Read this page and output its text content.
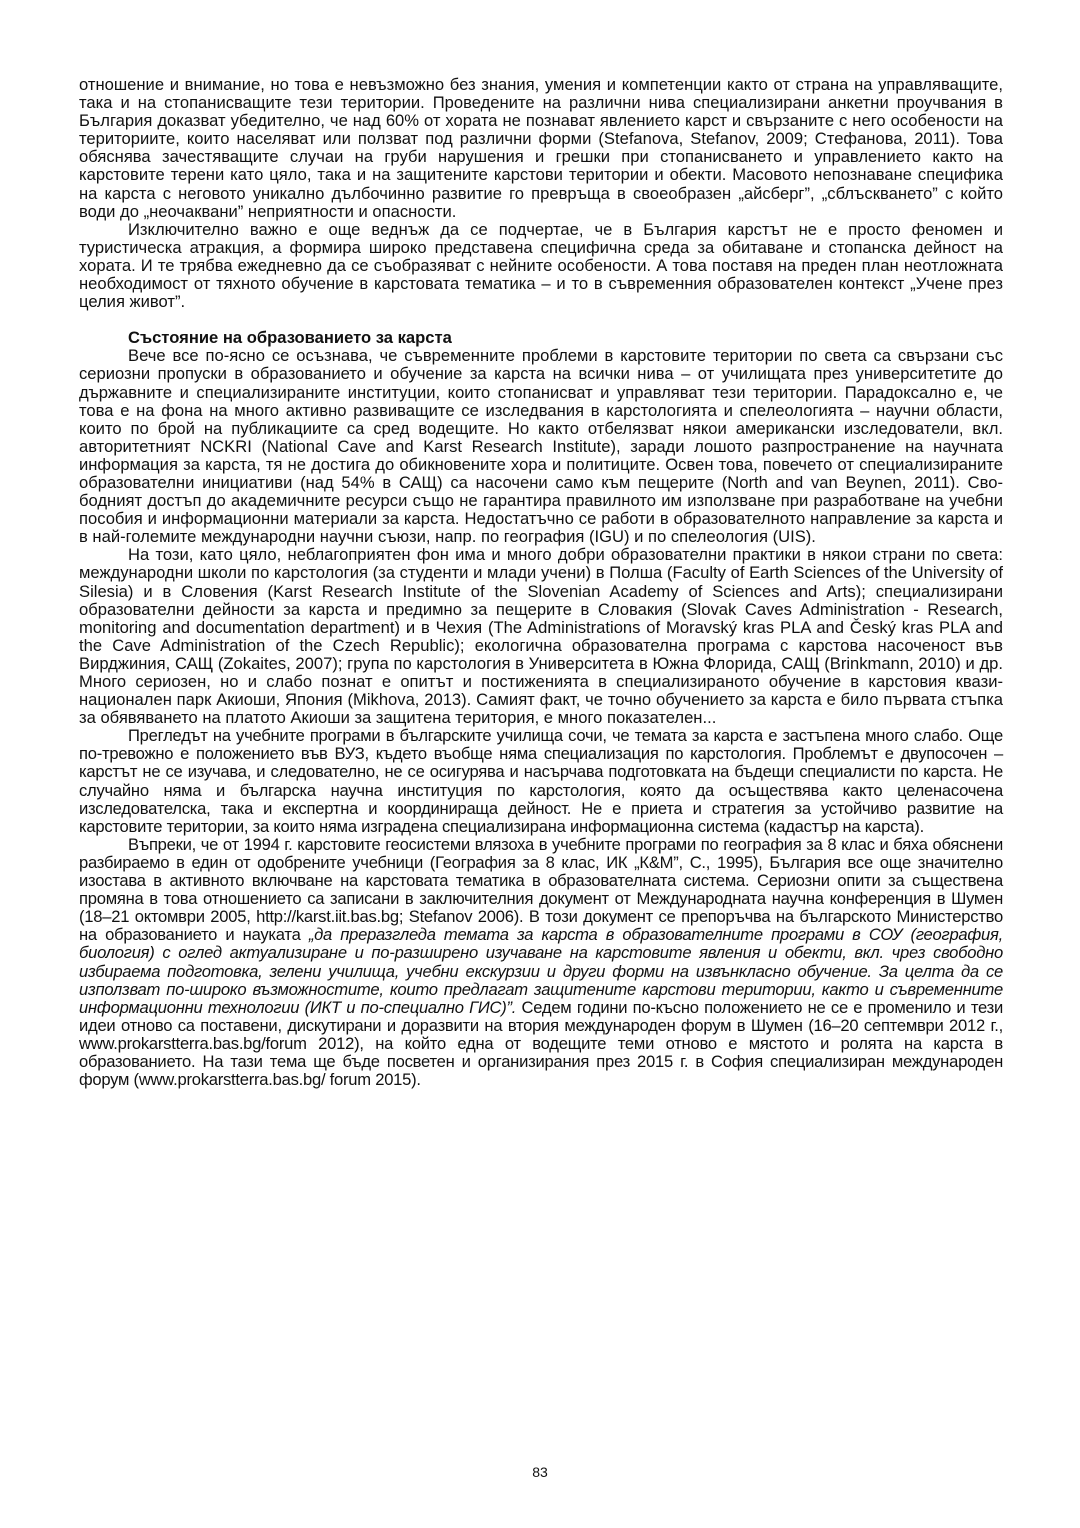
отношение и внимание, но това е невъзможно без знания, умения и компетенции както от страна на управляващите, така и на стопанисващите тези територии. Проведените на различни нива специализирани анкетни проучвания в България доказват убедително, че над 60% от хората не познават явлението карст и свързаните с него особености на териториите, които населяват или ползват под различни форми (Stefanova, Stefanov, 2009; Стефанова, 2011). Това обяснява зачестяващите случаи на груби нарушения и грешки при стопанисването и управлението както на карстовите терени като цяло, така и на защитените карстови територии и обекти. Масовото непознаване специфика на карста с неговото уникално дълбочинно развитие го превръща в своеобразен „айсберг”, „сблъскването” с който води до „неочаквани” неприятности и опасности.

Изключително важно е още веднъж да се подчертае, че в България карстът не е просто феномен и туристическа атракция, а формира широко представена специфична среда за обитаване и стопанска дейност на хората. И те трябва ежедневно да се съобразяват с нейните особености. А това поставя на преден план неотложната необходимост от тяхното обучение в карстовата тематика – и то в съвременния образователен контекст „Учене през целия живот”.

Състояние на образованието за карста

Вече все по-ясно се осъзнава, че съвременните проблеми в карстовите територии по света са свързани със сериозни пропуски в образованието и обучение за карста на всички нива – от училищата през университетите до държавните и специализираните институции, които стопанисват и управляват тези територии. Парадоксално е, че това е на фона на много активно развиващите се изследвания в карстологията и спелеологията – научни области, които по брой на публикациите са сред водещите. Но както отбелязват някои американски изследователи, вкл. авторитетният NCKRI (National Cave and Karst Research Institute), заради лошото разпространение на научната информация за карста, тя не достига до обикновените хора и политиците. Освен това, повечето от специализираните образователни инициативи (над 54% в САЩ) са насочени само към пещерите (North and van Beynen, 2011). Свободният достъп до академичните ресурси също не гарантира правилното им използване при разработване на учебни пособия и информационни материали за карста. Недостатъчно се работи в образователното направление за карста и в най-големите международни научни съюзи, напр. по география (IGU) и по спелеология (UIS).

На този, като цяло, неблагоприятен фон има и много добри образователни практики в някои страни по света: международни школи по карстология (за студенти и млади учени) в Полша (Faculty of Earth Sciences of the University of Silesia) и в Словения (Karst Research Institute of the Slovenian Academy of Sciences and Arts); специализирани образователни дейности за карста и предимно за пещерите в Словакия (Slovak Caves Administration - Research, monitoring and documentation department) и в Чехия (The Administrations of Moravský kras PLA and Český kras PLA and the Cave Administration of the Czech Republic); екологична образователна програма с карстова насоченост във Вирджиния, САЩ (Zokaites, 2007); група по карстология в Университета в Южна Флорида, САЩ (Brinkmann, 2010) и др. Много сериозен, но и слабо познат е опитът и постиженията в специализираното обучение в карстовия квазинационален парк Акиоши, Япония (Mikhova, 2013). Самият факт, че точно обучението за карста е било първата стъпка за обявяването на платото Акиоши за защитена територия, е много показателен...

Прегледът на учебните програми в българските училища сочи, че темата за карста е застъпена много слабо. Още по-тревожно е положението във ВУЗ, където въобще няма специализация по карстология. Проблемът е двупосочен – карстът не се изучава, и следователно, не се осигурява и насърчава подготовката на бъдещи специалисти по карста. Не случайно няма и българска научна институция по карстология, която да осъществява както целенасочена изследователска, така и експертна и координираща дейност. Не е приета и стратегия за устойчиво развитие на карстовите територии, за които няма изградена специализирана информационна система (кадастър на карста).

Въпреки, че от 1994 г. карстовите геосистеми влязоха в учебните програми по география за 8 клас и бяха обяснени разбираемо в един от одобрените учебници (География за 8 клас, ИК „К&М”, С., 1995), България все още значително изостава в активното включване на карстовата тематика в образователната система. Сериозни опити за съществена промяна в това отношението са записани в заключителния документ от Международната научна конференция в Шумен (18–21 октомври 2005, http://karst.iit.bas.bg; Stefanov 2006). В този документ се препоръчва на българското Министерство на образованието и науката „да преразгледа темата за карста в образователните програми в СОУ (география, биология) с оглед актуализиране и по-разширено изучаване на карстовите явления и обекти, вкл. чрез свободно избираема подготовка, зелени училища, учебни екскурзии и други форми на извънкласно обучение. За целта да се използват по-широко възможностите, които предлагат защитените карстови територии, както и съвременните информационни технологии (ИКТ и по-специално ГИС)”. Седем години по-късно положението не се е променило и тези идеи отново са поставени, дискутирани и доразвити на втория международен форум в Шумен (16–20 септември 2012 г., www.prokarstterra.bas.bg/forum 2012), на който една от водещите теми отново е мястото и ролята на карста в образованието. На тази тема ще бъде посветен и организирания през 2015 г. в София специализиран международен форум (www.prokarstterra.bas.bg/ forum 2015).

83
